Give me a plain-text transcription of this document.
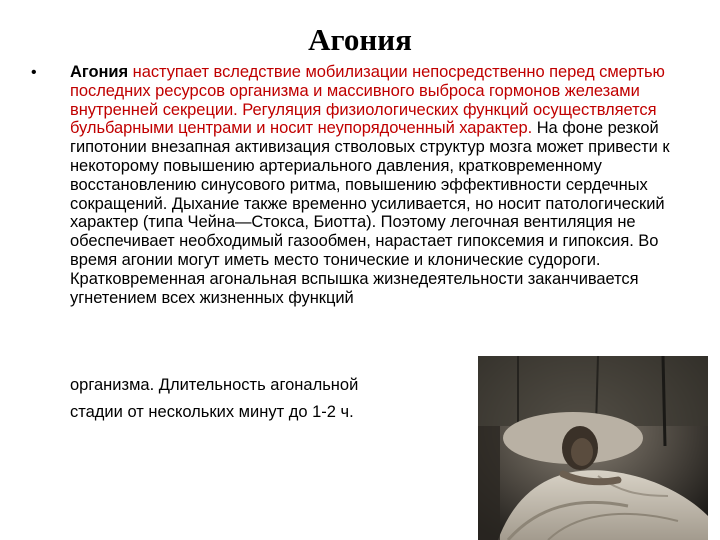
Агония
• Агония наступает вследствие мобилизации непосредственно перед смертью последних ресурсов организма и массивного выброса гормонов железами внутренней секреции. Регуляция физиологических функций осуществляется бульбарными центрами и носит неупорядоченный характер. На фоне резкой гипотонии внезапная активизация стволовых структур мозга может привести к некоторому повышению артериального давления, кратковременному восстановлению синусового ритма, повышению эффективности сердечных сокращений. Дыхание также временно усиливается, но носит патологический характер (типа Чейна—Стокса, Биотта). Поэтому легочная вентиляция не обеспечивает необходимый газообмен, нарастает гипоксемия и гипоксия. Во время агонии могут иметь место тонические и клонические судороги. Кратковременная агональная вспышка жизнедеятельности заканчивается угнетением всех жизненных функций
организма. Длительность агональной
стадии от нескольких минут до 1-2 ч.
